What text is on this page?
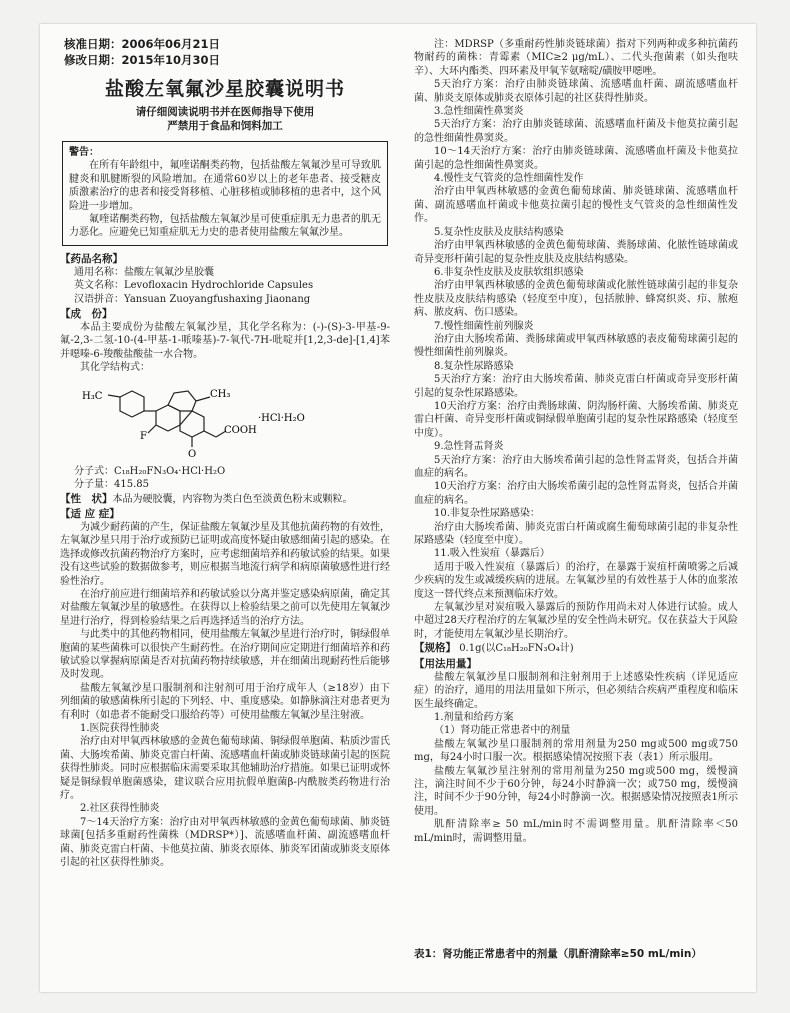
核准日期：2006年06月21日

修改日期：2015年10月30日

盐酸左氧氟沙星胶囊说明书

请仔细阅读说明书并在医师指导下使用

严禁用于食品和饲料加工

警告：

在所有年龄组中，氟喹诺酮类药物，包括盐酸左氧氟沙星可导致肌腱炎和肌腱断裂的风险增加。在通常60岁以上的老年患者、接受糖皮质激素治疗的患者和接受肾移植、心脏移植或肺移植的患者中，这个风险进一步增加。

氟喹诺酮类药物，包括盐酸左氧氟沙星可使重症肌无力患者的肌无力恶化。应避免已知重症肌无力史的患者使用盐酸左氧氟沙星。

【药品名称】

通用名称：盐酸左氧氟沙星胶囊

英文名称：Levofloxacin Hydrochloride Capsules

汉语拼音：Yansuan Zuoyangfushaxing Jiaonang

【成　份】

本品主要成份为盐酸左氧氟沙星，其化学名称为：(-)-(S)-3-甲基-9-氟-2,3-二氢-10-(4-甲基-1-哌嗪基)-7-氧代-7H-吡啶并[1,2,3-de]-[1,4]苯并噁嗪-6-羧酸盐酸盐一水合物。

其化学结构式：

H₃C	CH₃
F
O
COOH
·HCl·H₂O

分子式：C₁₈H₂₀FN₃O₄·HCl·H₂O

分子量：415.85

【性　状】本品为硬胶囊，内容物为类白色至淡黄色粉末或颗粒。

【适 应 症】

为减少耐药菌的产生，保证盐酸左氧氟沙星及其他抗菌药物的有效性，左氧氟沙星只用于治疗或预防已证明或高度怀疑由敏感细菌引起的感染。在选择或修改抗菌药物治疗方案时，应考虑细菌培养和药敏试验的结果。如果没有这些试验的数据做参考，则应根据当地流行病学和病原菌敏感性进行经验性治疗。

在治疗前应进行细菌培养和药敏试验以分离并鉴定感染病原菌，确定其对盐酸左氧氟沙星的敏感性。在获得以上检验结果之前可以先使用左氧氟沙星进行治疗，得到检验结果之后再选择适当的治疗方法。

与此类中的其他药物相同，使用盐酸左氧氟沙星进行治疗时，铜绿假单胞菌的某些菌株可以很快产生耐药性。在治疗期间应定期进行细菌培养和药敏试验以掌握病原菌是否对抗菌药物持续敏感，并在细菌出现耐药性后能够及时发现。

盐酸左氧氟沙星口服制剂和注射剂可用于治疗成年人（≥18岁）由下列细菌的敏感菌株所引起的下列轻、中、重度感染。如静脉滴注对患者更为有利时（如患者不能耐受口服给药等）可使用盐酸左氧氟沙星注射液。

1.医院获得性肺炎

治疗由对甲氧西林敏感的金黄色葡萄球菌、铜绿假单胞菌、粘质沙雷氏菌、大肠埃希菌、肺炎克雷白杆菌、流感嗜血杆菌或肺炎链球菌引起的医院获得性肺炎。同时应根据临床需要采取其他辅助治疗措施。如果已证明或怀疑是铜绿假单胞菌感染，建议联合应用抗假单胞菌β-内酰胺类药物进行治疗。

2.社区获得性肺炎

7～14天治疗方案：治疗由对甲氧西林敏感的金黄色葡萄球菌、肺炎链球菌[包括多重耐药性菌株（MDRSP*）]、流感嗜血杆菌、副流感嗜血杆菌、肺炎克雷白杆菌、卡他莫拉菌、肺炎衣原体、肺炎军团菌或肺炎支原体引起的社区获得性肺炎。

注：MDRSP（多重耐药性肺炎链球菌）指对下列两种或多种抗菌药物耐药的菌株：青霉素（MIC≥2 μg/mL）、二代头孢菌素（如头孢呋辛）、大环内酯类、四环素及甲氧苄氨嘧啶/磺胺甲噁唑。

5天治疗方案：治疗由肺炎链球菌、流感嗜血杆菌、副流感嗜血杆菌、肺炎支原体或肺炎衣原体引起的社区获得性肺炎。

3.急性细菌性鼻窦炎

5天治疗方案：治疗由肺炎链球菌、流感嗜血杆菌及卡他莫拉菌引起的急性细菌性鼻窦炎。

10～14天治疗方案：治疗由肺炎链球菌、流感嗜血杆菌及卡他莫拉菌引起的急性细菌性鼻窦炎。

4.慢性支气管炎的急性细菌性发作

治疗由甲氧西林敏感的金黄色葡萄球菌、肺炎链球菌、流感嗜血杆菌、副流感嗜血杆菌或卡他莫拉菌引起的慢性支气管炎的急性细菌性发作。

5.复杂性皮肤及皮肤结构感染

治疗由甲氧西林敏感的金黄色葡萄球菌、粪肠球菌、化脓性链球菌或奇异变形杆菌引起的复杂性皮肤及皮肤结构感染。

6.非复杂性皮肤及皮肤软组织感染

治疗由甲氧西林敏感的金黄色葡萄球菌或化脓性链球菌引起的非复杂性皮肤及皮肤结构感染（轻度至中度），包括脓肿、蜂窝织炎、疖、脓疱病、脓皮病、伤口感染。

7.慢性细菌性前列腺炎

治疗由大肠埃希菌、粪肠球菌或甲氧西林敏感的表皮葡萄球菌引起的慢性细菌性前列腺炎。

8.复杂性尿路感染

5天治疗方案：治疗由大肠埃希菌、肺炎克雷白杆菌或奇异变形杆菌引起的复杂性尿路感染。

10天治疗方案：治疗由粪肠球菌、阴沟肠杆菌、大肠埃希菌、肺炎克雷白杆菌、奇异变形杆菌或铜绿假单胞菌引起的复杂性尿路感染（轻度至中度）。

9.急性肾盂肾炎

5天治疗方案：治疗由大肠埃希菌引起的急性肾盂肾炎，包括合并菌血症的病名。

10天治疗方案：治疗由大肠埃希菌引起的急性肾盂肾炎，包括合并菌血症的病名。

10.非复杂性尿路感染：

治疗由大肠埃希菌、肺炎克雷白杆菌或腐生葡萄球菌引起的非复杂性尿路感染（轻度至中度）。

11.吸入性炭疽（暴露后）

适用于吸入性炭疽（暴露后）的治疗，在暴露于炭疽杆菌喷雾之后减少疾病的发生或减缓疾病的进展。左氧氟沙星的有效性基于人体的血浆浓度这一替代终点来预测临床疗效。

左氧氟沙星对炭疽吸入暴露后的预防作用尚未对人体进行试验。成人中超过28天疗程治疗的左氧氟沙星的安全性尚未研究。仅在获益大于风险时，才能使用左氧氟沙星长期治疗。

【规格】 0.1g(以C₁₈H₂₀FN₃O₄计)

【用法用量】

盐酸左氧氟沙星口服制剂和注射剂用于上述感染性疾病（详见适应症）的治疗，通用的用法用量如下所示，但必须结合疾病严重程度和临床医生最终确定。

1.剂量和给药方案

（1）肾功能正常患者中的剂量

盐酸左氧氟沙星口服制剂的常用剂量为250 mg或500 mg或750 mg，每24小时口服一次。根据感染情况按照下表（表1）所示服用。

盐酸左氧氟沙星注射剂的常用剂量为250 mg或500 mg，缓慢滴注，滴注时间不少于60分钟，每24小时静滴一次；或750 mg，缓慢滴注，时间不少于90分钟，每24小时静滴一次。根据感染情况按照表1所示使用。

肌酐清除率≥ 50 mL/min时不需调整用量。肌酐清除率＜50 mL/min时，需调整用量。

表1：肾功能正常患者中的剂量（肌酐清除率≥50 mL/min）
